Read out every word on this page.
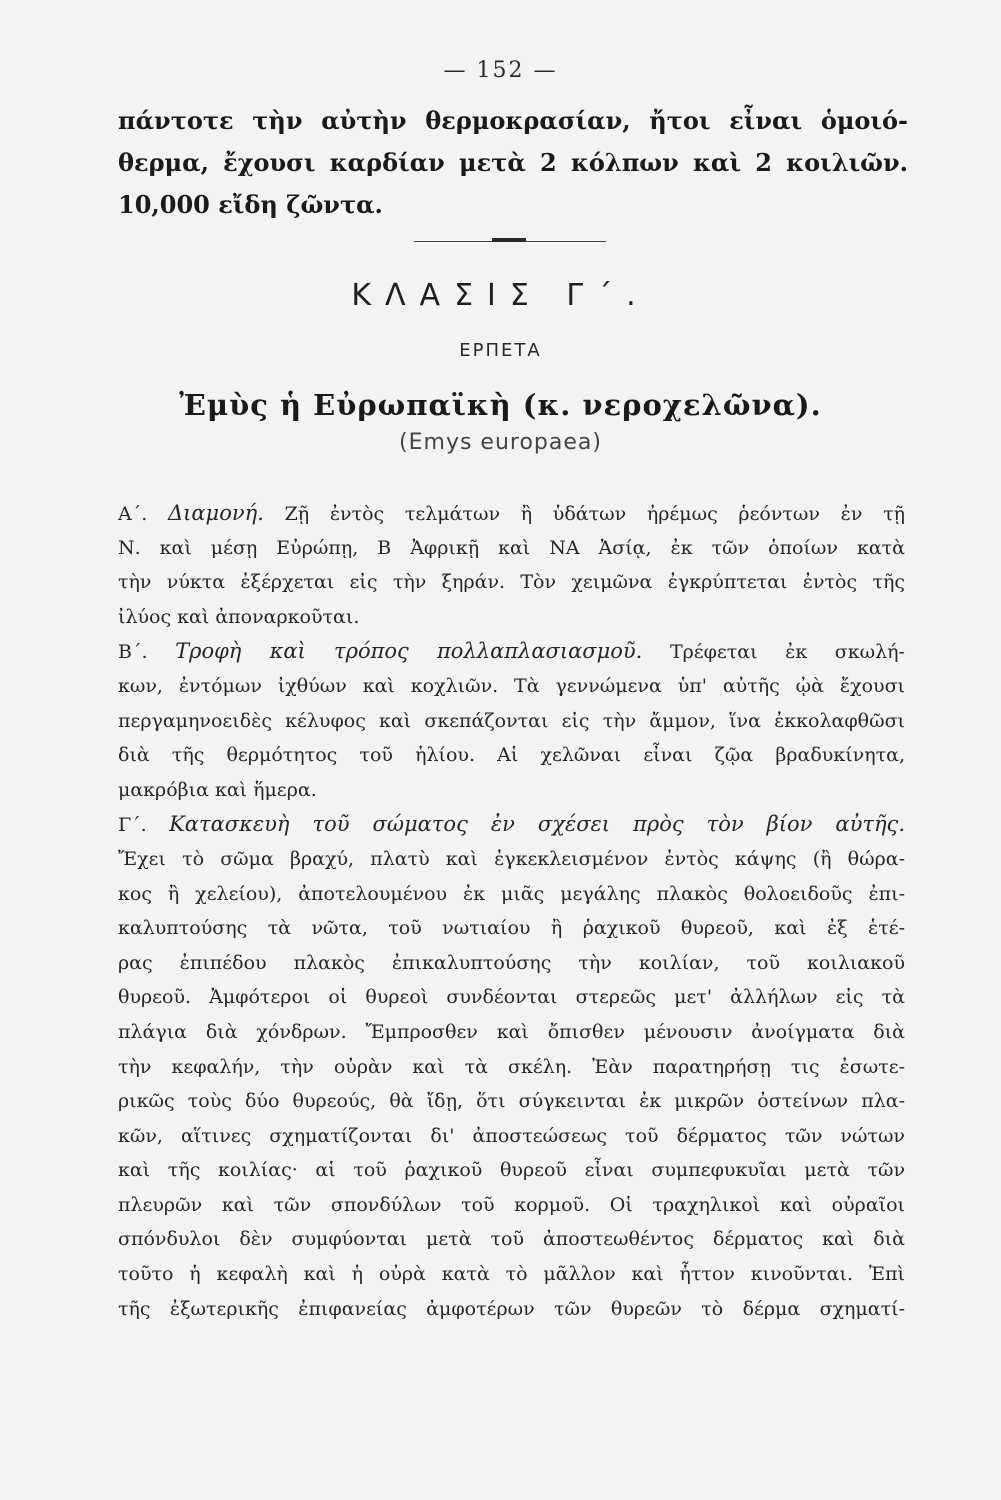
— 152 —
πάντοτε τὴν αὐτὴν θερμοκρασίαν, ἤτοι εἶναι ὁμοιό-
θερμα, ἔχουσι καρδίαν μετὰ 2 κόλπων καὶ 2 κοιλιῶν.
10,000 εἴδη ζῶντα.
ΚΛΑΣΙΣ Γ΄.
ΕΡΠΕΤΑ
Ἐμὺς ἡ Εὐρωπαϊκὴ (κ. νεροχελῶνα).
(Emys europaea)
Α΄. Διαμονή. Ζῇ ἐντὸς τελμάτων ἢ ὑδάτων ἠρέμως ῥεόντων ἐν τῇ
Ν. καὶ μέσῃ Εὐρώπῃ, Β Ἀφρικῇ καὶ ΝΑ Ἀσίᾳ, ἐκ τῶν ὁποίων κατὰ
τὴν νύκτα ἐξέρχεται εἰς τὴν ξηράν. Τὸν χειμῶνα ἐγκρύπτεται ἐντὸς τῆς
ἰλύος καὶ ἀποναρκοῦται.
Β΄. Τροφὴ καὶ τρόπος πολλαπλασιασμοῦ. Τρέφεται ἐκ σκωλή-
κων, ἐντόμων ἰχθύων καὶ κοχλιῶν. Τὰ γεννώμενα ὑπ' αὐτῆς ᾠὰ ἔχουσι
περγαμηνοειδὲς κέλυφος καὶ σκεπάζονται εἰς τὴν ἄμμον, ἵνα ἐκκολαφθῶσι
διὰ τῆς θερμότητος τοῦ ἡλίου. Αἱ χελῶναι εἶναι ζῷα βραδυκίνητα,
μακρόβια καὶ ἥμερα.
Γ΄. Κατασκευὴ τοῦ σώματος ἐν σχέσει πρὸς τὸν βίον αὐτῆς.
Ἔχει τὸ σῶμα βραχύ, πλατὺ καὶ ἐγκεκλεισμένον ἐντὸς κάψης (ἢ θώρα-
κος ἢ χελείου), ἀποτελουμένου ἐκ μιᾶς μεγάλης πλακὸς θολοειδοῦς ἐπι-
καλυπτούσης τὰ νῶτα, τοῦ νωτιαίου ἢ ῥαχικοῦ θυρεοῦ, καὶ ἐξ ἑτέ-
ρας ἐπιπέδου πλακὸς ἐπικαλυπτούσης τὴν κοιλίαν, τοῦ κοιλιακοῦ
θυρεοῦ. Ἀμφότεροι οἱ θυρεοὶ συνδέονται στερεῶς μετ' ἀλλήλων εἰς τὰ
πλάγια διὰ χόνδρων. Ἔμπροσθεν καὶ ὄπισθεν μένουσιν ἀνοίγματα διὰ
τὴν κεφαλήν, τὴν οὐρὰν καὶ τὰ σκέλη. Ἐὰν παρατηρήσῃ τις ἐσωτε-
ρικῶς τοὺς δύο θυρεούς, θὰ ἴδῃ, ὅτι σύγκεινται ἐκ μικρῶν ὀστείνων πλα-
κῶν, αἵτινες σχηματίζονται δι' ἀποστεώσεως τοῦ δέρματος τῶν νώτων
καὶ τῆς κοιλίας· αἱ τοῦ ῥαχικοῦ θυρεοῦ εἶναι συμπεφυκυῖαι μετὰ τῶν
πλευρῶν καὶ τῶν σπονδύλων τοῦ κορμοῦ. Οἱ τραχηλικοὶ καὶ οὐραῖοι
σπόνδυλοι δὲν συμφύονται μετὰ τοῦ ἀποστεωθέντος δέρματος καὶ διὰ
τοῦτο ἡ κεφαλὴ καὶ ἡ οὐρὰ κατὰ τὸ μᾶλλον καὶ ἧττον κινοῦνται. Ἐπὶ
τῆς ἐξωτερικῆς ἐπιφανείας ἀμφοτέρων τῶν θυρεῶν τὸ δέρμα σχηματί-
